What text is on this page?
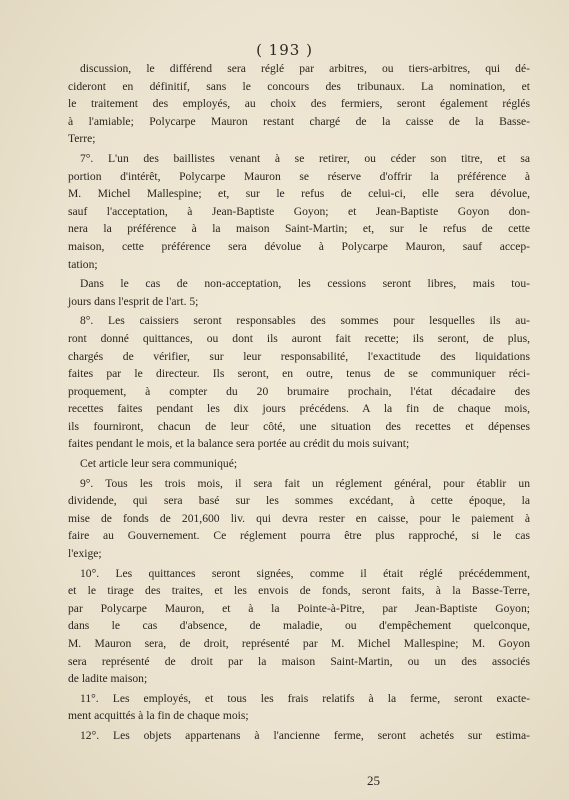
( 193 )
discussion, le différend sera réglé par arbitres, ou tiers-arbitres, qui dé-
cideront en définitif, sans le concours des tribunaux. La nomination, et
le traitement des employés, au choix des fermiers, seront également réglés
à l'amiable; Polycarpe Mauron restant chargé de la caisse de la Basse-
Terre;
7°. L'un des baillistes venant à se retirer, ou céder son titre, et sa
portion d'intérêt, Polycarpe Mauron se réserve d'offrir la préférence à
M. Michel Mallespine; et, sur le refus de celui-ci, elle sera dévolue,
sauf l'acceptation, à Jean-Baptiste Goyon; et Jean-Baptiste Goyon don-
nera la préférence à la maison Saint-Martin; et, sur le refus de cette
maison, cette préférence sera dévolue à Polycarpe Mauron, sauf accep-
tation;
Dans le cas de non-acceptation, les cessions seront libres, mais tou-
jours dans l'esprit de l'art. 5;
8°. Les caissiers seront responsables des sommes pour lesquelles ils au-
ront donné quittances, ou dont ils auront fait recette; ils seront, de plus,
chargés de vérifier, sur leur responsabilité, l'exactitude des liquidations
faites par le directeur. Ils seront, en outre, tenus de se communiquer réci-
proquement, à compter du 20 brumaire prochain, l'état décadaire des
recettes faites pendant les dix jours précédens. A la fin de chaque mois,
ils fourniront, chacun de leur côté, une situation des recettes et dépenses
faites pendant le mois, et la balance sera portée au crédit du mois suivant;
Cet article leur sera communiqué;
9°. Tous les trois mois, il sera fait un réglement général, pour établir un
dividende, qui sera basé sur les sommes excédant, à cette époque, la
mise de fonds de 201,600 liv. qui devra rester en caisse, pour le paiement à
faire au Gouvernement. Ce réglement pourra être plus rapproché, si le cas
l'exige;
10°. Les quittances seront signées, comme il était réglé précédemment,
et le tirage des traites, et les envois de fonds, seront faits, à la Basse-Terre,
par Polycarpe Mauron, et à la Pointe-à-Pitre, par Jean-Baptiste Goyon;
dans le cas d'absence, de maladie, ou d'empêchement quelconque,
M. Mauron sera, de droit, représenté par M. Michel Mallespine; M. Goyon
sera représenté de droit par la maison Saint-Martin, ou un des associés
de ladite maison;
11°. Les employés, et tous les frais relatifs à la ferme, seront exacte-
ment acquittés à la fin de chaque mois;
12°. Les objets appartenans à l'ancienne ferme, seront achetés sur estima-
25
